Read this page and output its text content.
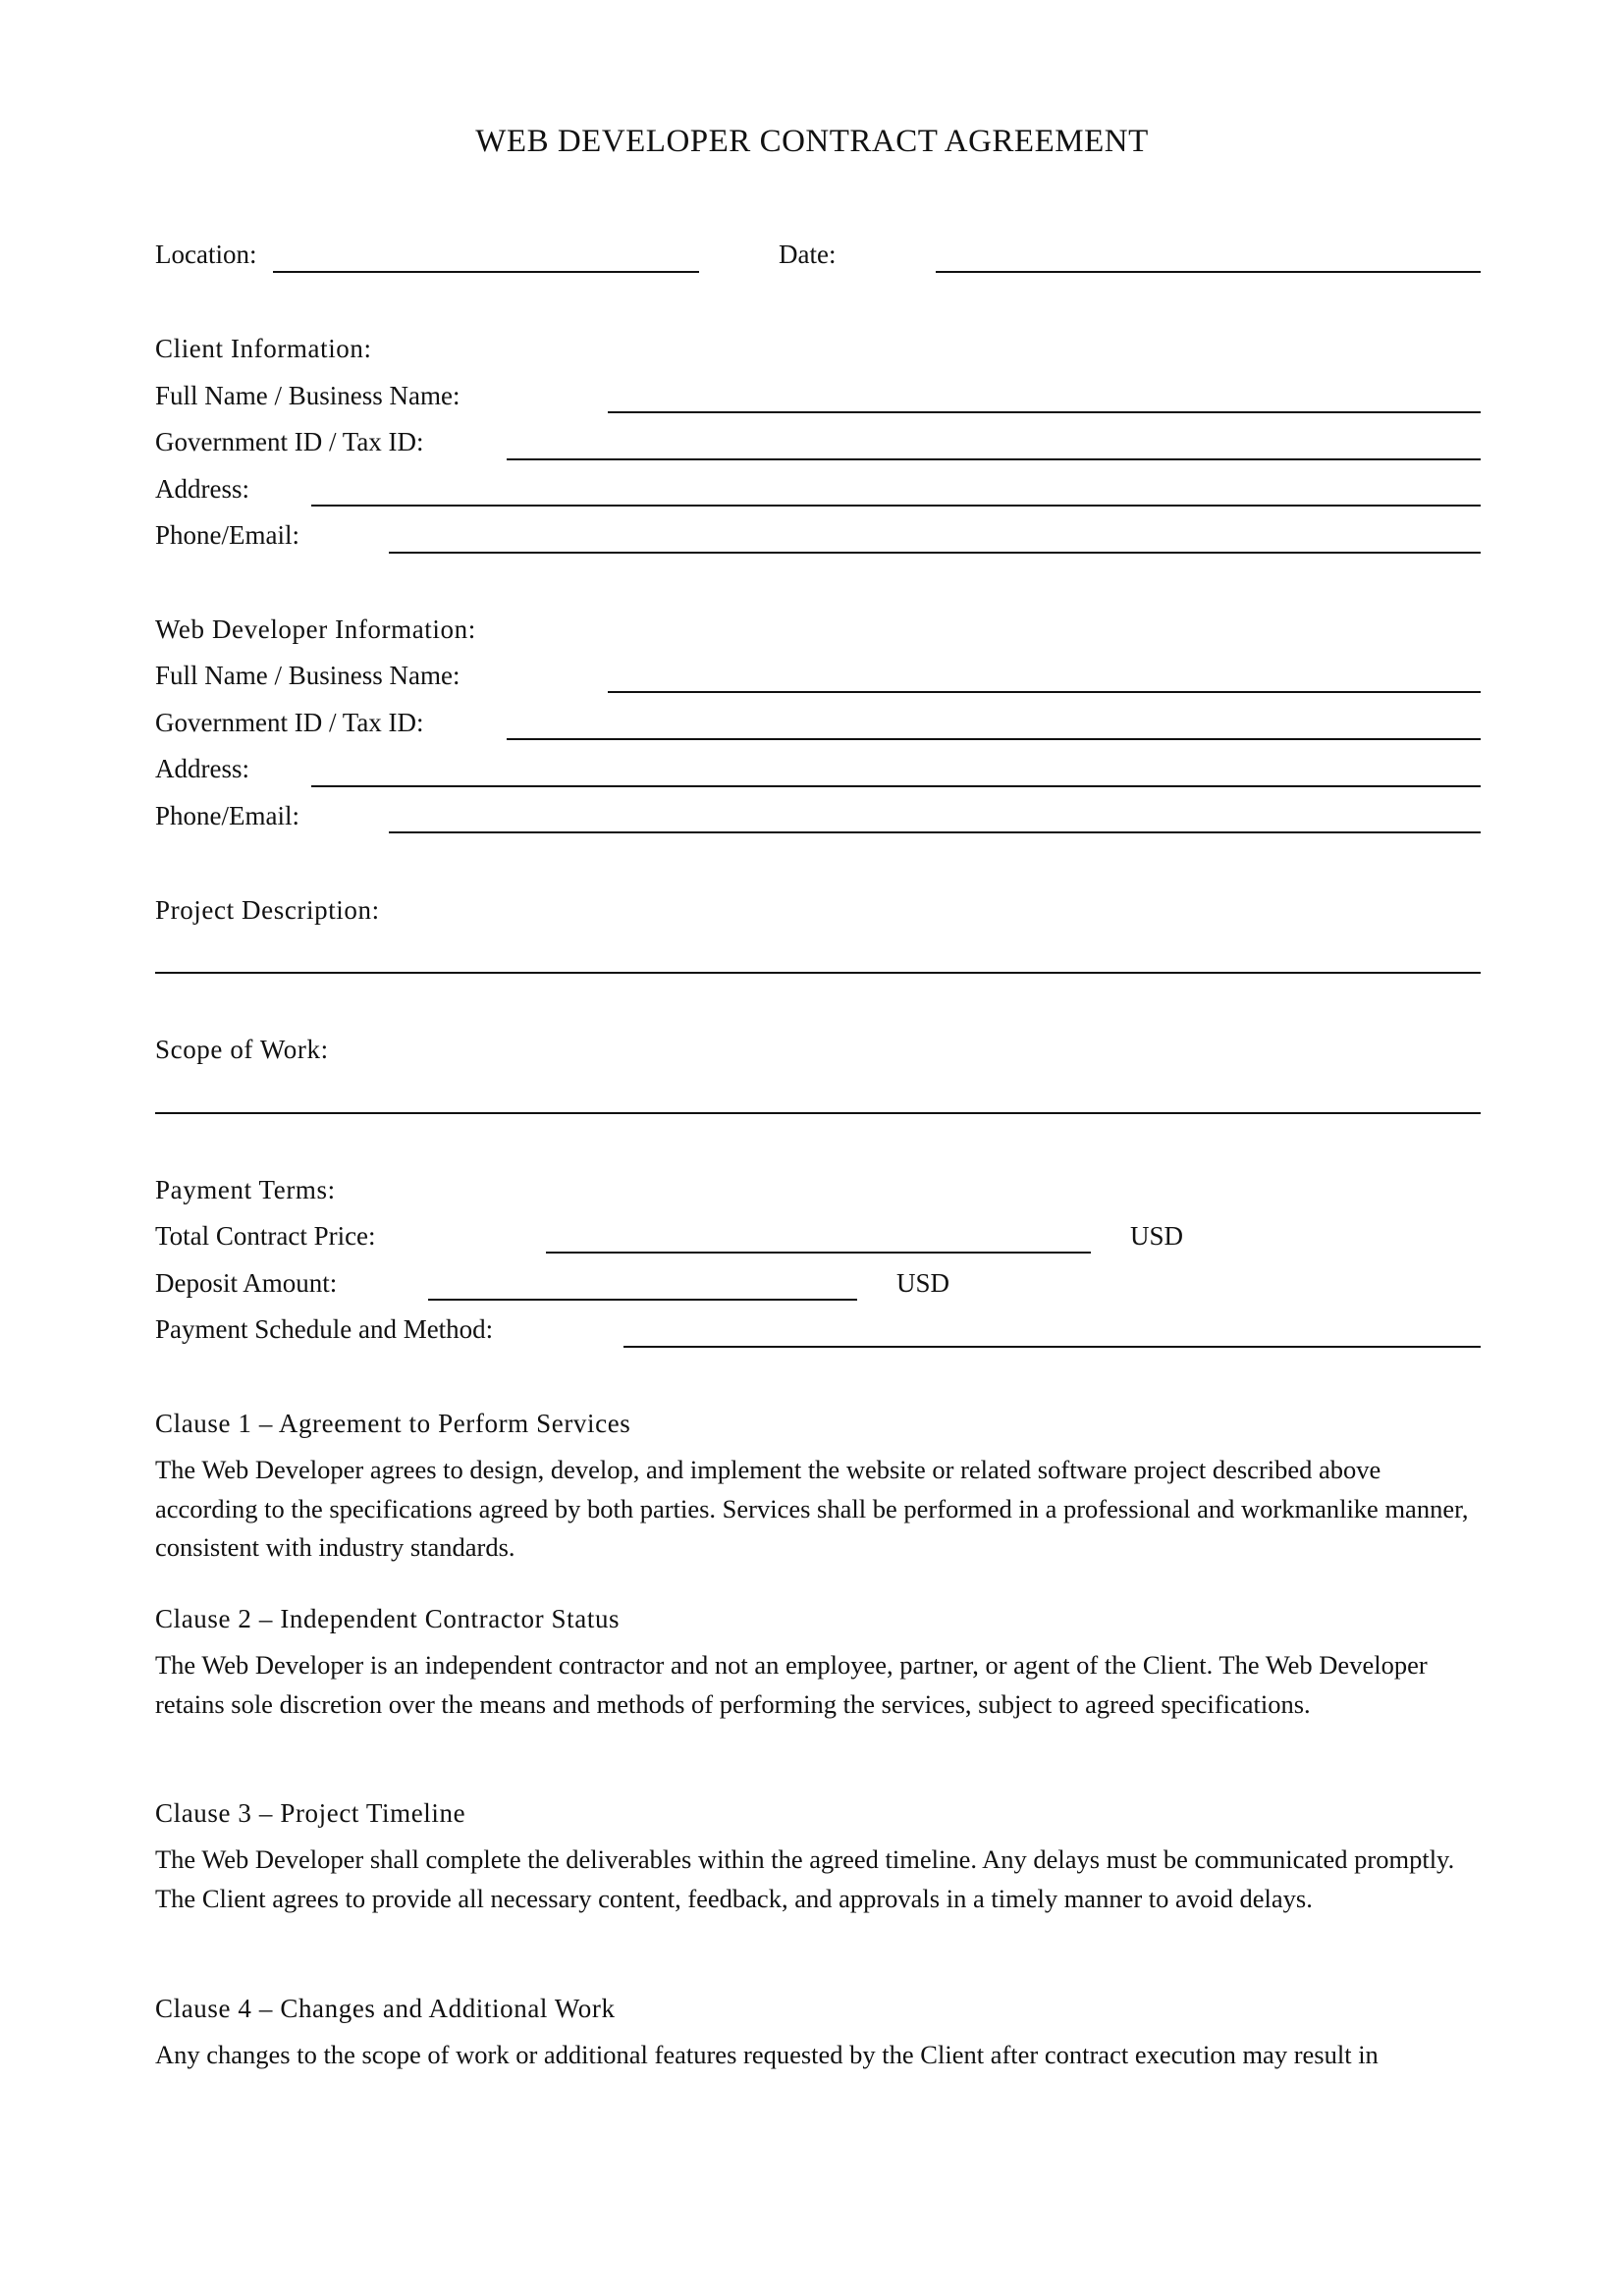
WEB DEVELOPER CONTRACT AGREEMENT
Location:	Date:
Client Information:
Full Name / Business Name:
Government ID / Tax ID:
Address:
Phone/Email:
Web Developer Information:
Full Name / Business Name:
Government ID / Tax ID:
Address:
Phone/Email:
Project Description:
Scope of Work:
Payment Terms:
Total Contract Price:	USD
Deposit Amount:	USD
Payment Schedule and Method:
Clause 1 – Agreement to Perform Services
The Web Developer agrees to design, develop, and implement the website or related software project described above according to the specifications agreed by both parties. Services shall be performed in a professional and workmanlike manner, consistent with industry standards.
Clause 2 – Independent Contractor Status
The Web Developer is an independent contractor and not an employee, partner, or agent of the Client. The Web Developer retains sole discretion over the means and methods of performing the services, subject to agreed specifications.
Clause 3 – Project Timeline
The Web Developer shall complete the deliverables within the agreed timeline. Any delays must be communicated promptly. The Client agrees to provide all necessary content, feedback, and approvals in a timely manner to avoid delays.
Clause 4 – Changes and Additional Work
Any changes to the scope of work or additional features requested by the Client after contract execution may result in
